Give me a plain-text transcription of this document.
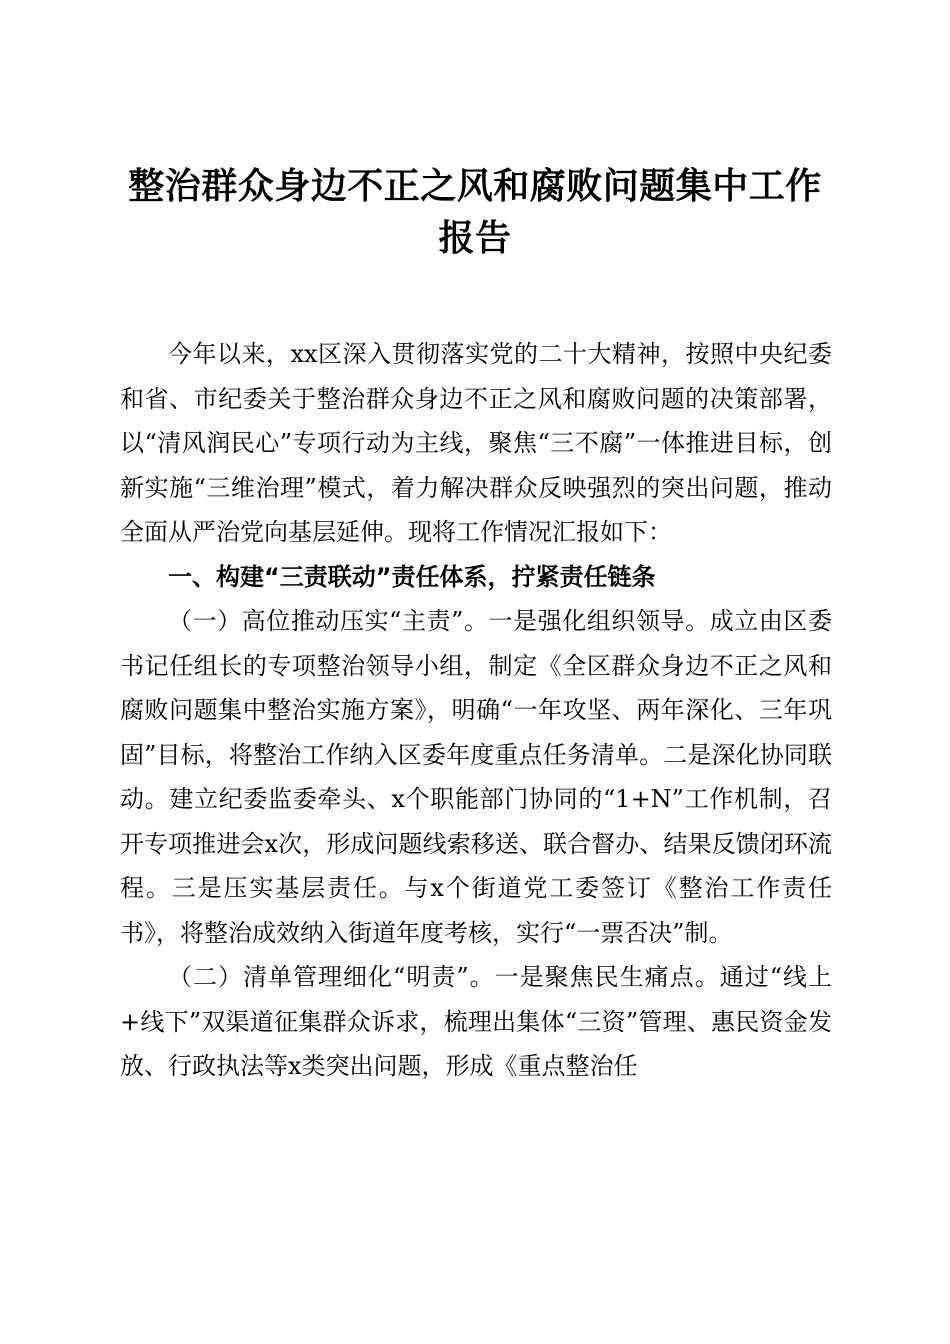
整治群众身边不正之风和腐败问题集中工作报告

今年以来，xx区深入贯彻落实党的二十大精神，按照中央纪委和省、市纪委关于整治群众身边不正之风和腐败问题的决策部署，以“清风润民心”专项行动为主线，聚焦“三不腐”一体推进目标，创新实施“三维治理”模式，着力解决群众反映强烈的突出问题，推动全面从严治党向基层延伸。现将工作情况汇报如下：

一、构建“三责联动”责任体系，拧紧责任链条

（一）高位推动压实“主责”。一是强化组织领导。成立由区委书记任组长的专项整治领导小组，制定《全区群众身边不正之风和腐败问题集中整治实施方案》，明确“一年攻坚、两年深化、三年巩固”目标，将整治工作纳入区委年度重点任务清单。二是深化协同联动。建立纪委监委牵头、x个职能部门协同的“1+N”工作机制，召开专项推进会x次，形成问题线索移送、联合督办、结果反馈闭环流程。三是压实基层责任。与x个街道党工委签订《整治工作责任书》，将整治成效纳入街道年度考核，实行“一票否决”制。

（二）清单管理细化“明责”。一是聚焦民生痛点。通过“线上+线下”双渠道征集群众诉求，梳理出集体“三资”管理、惠民资金发放、行政执法等x类突出问题，形成《重点整治任
